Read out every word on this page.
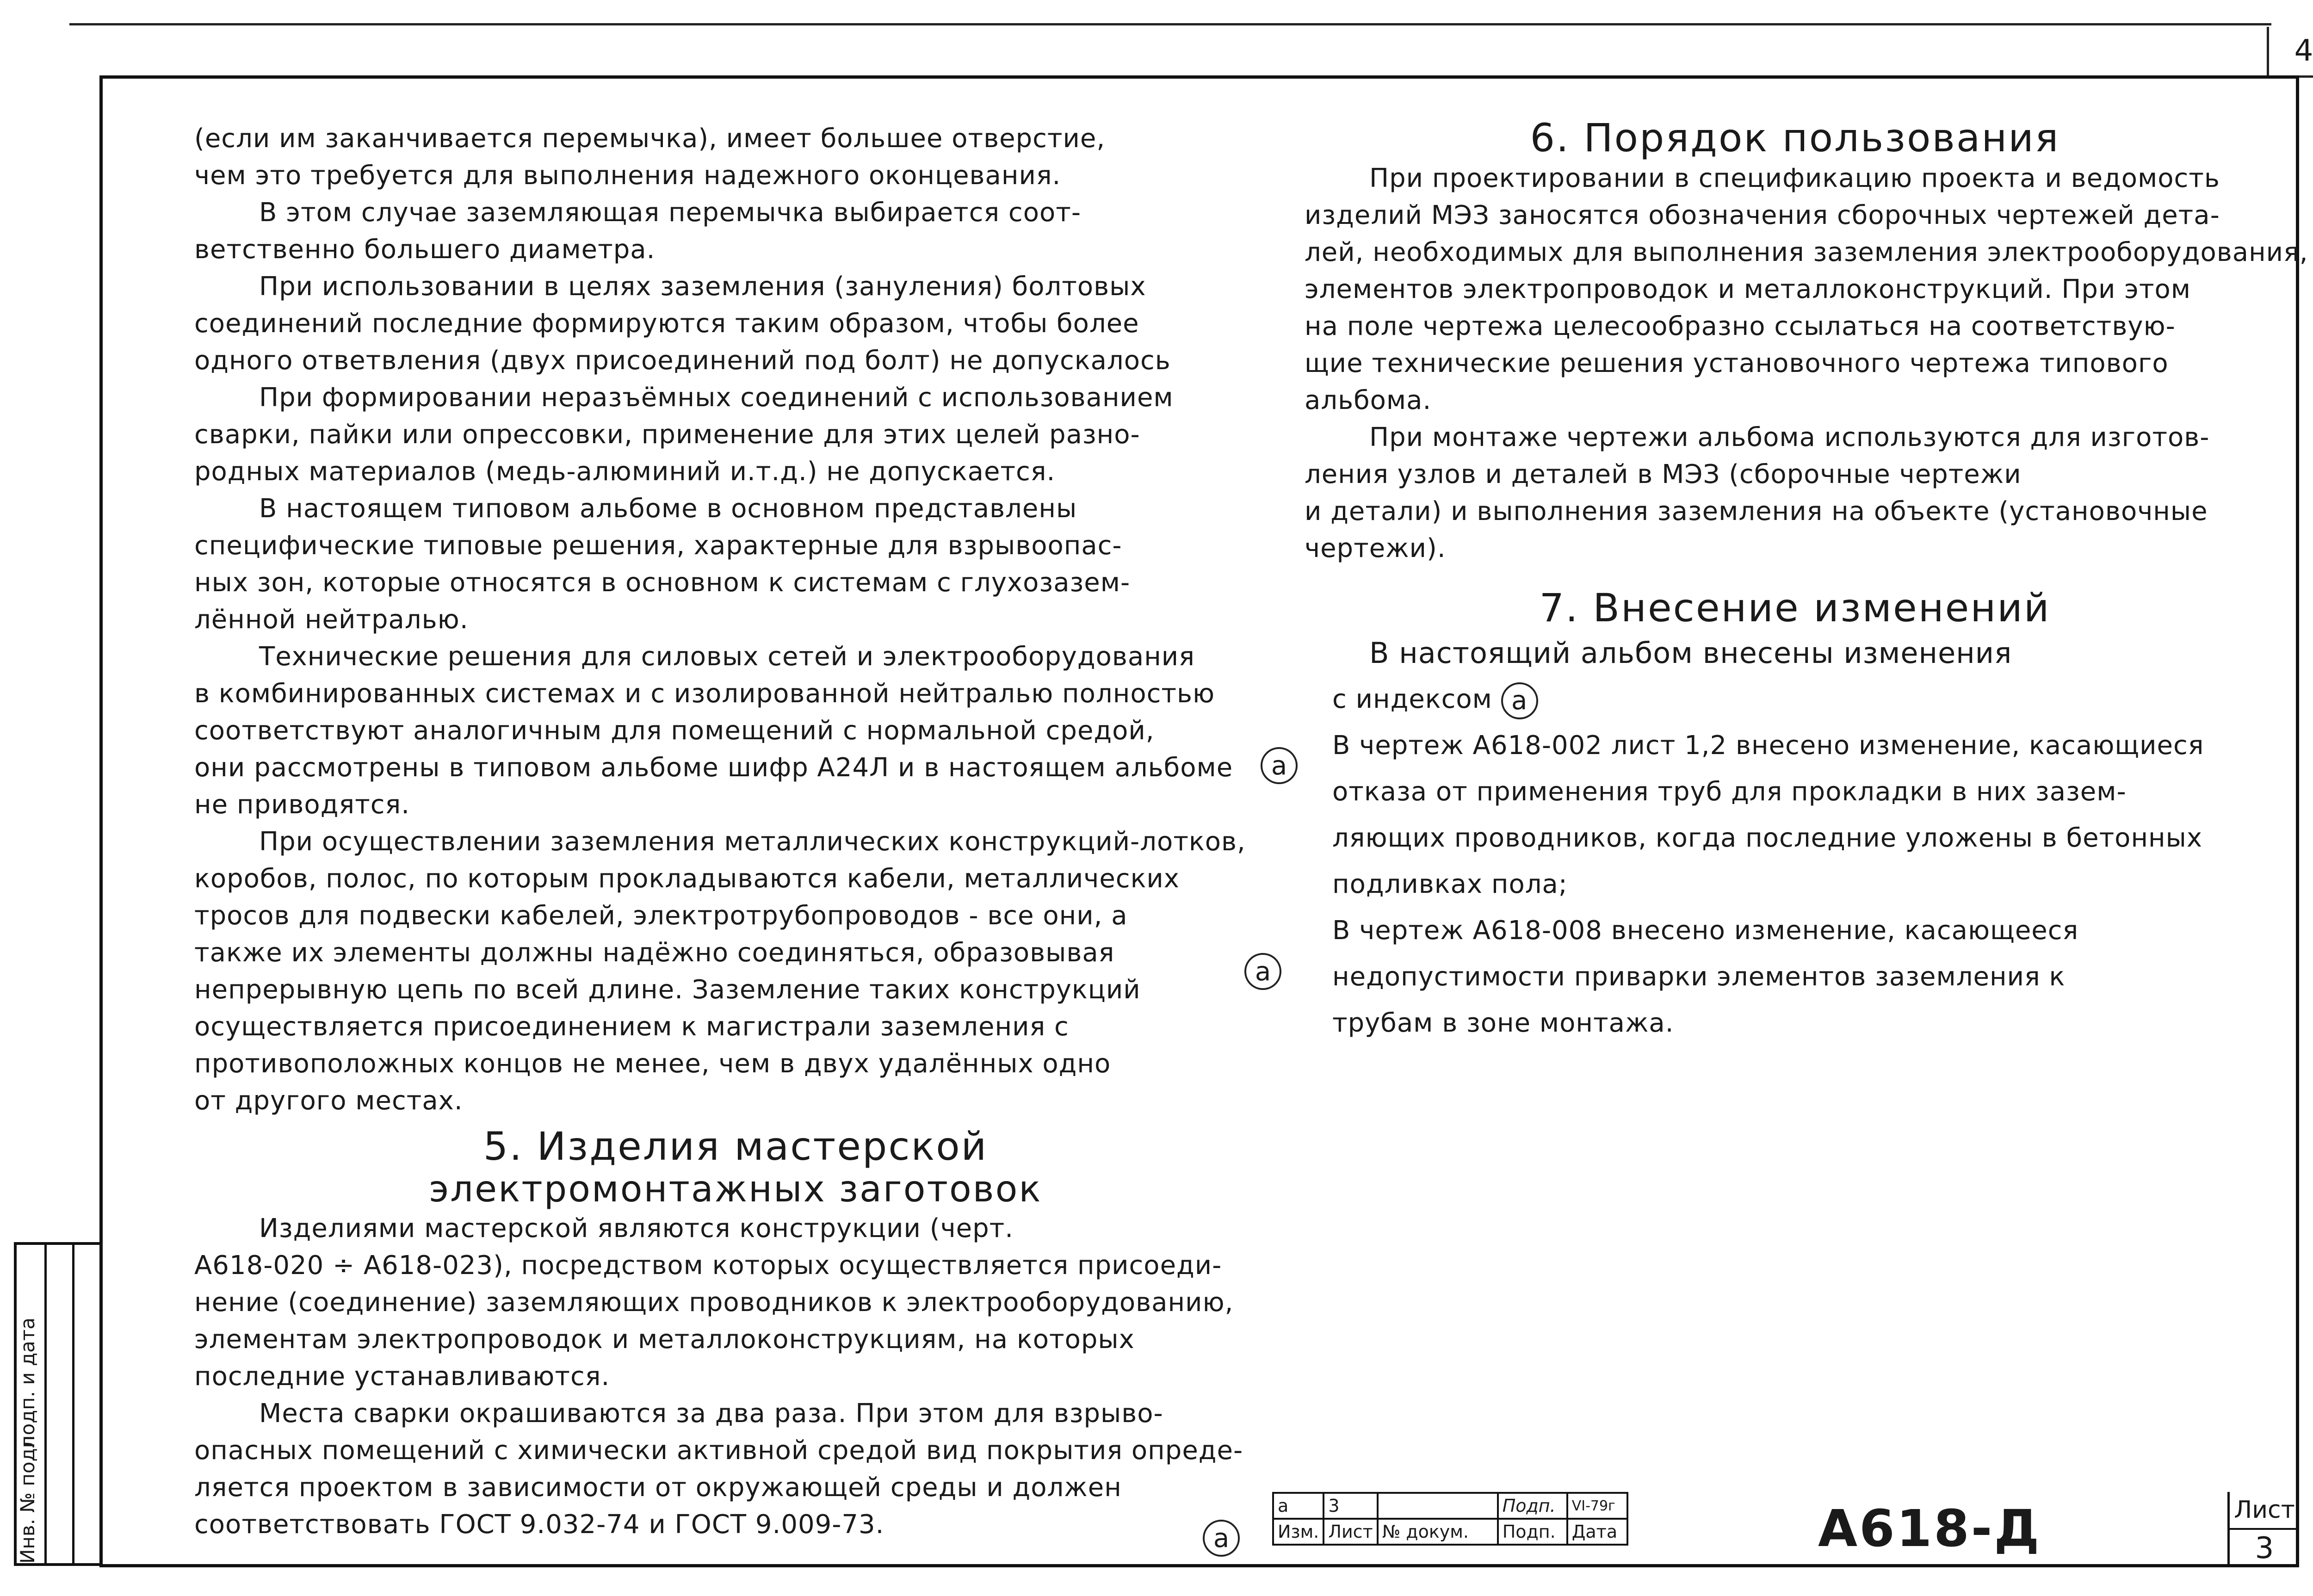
4
Инв. № подл
подп. и дата
(если им заканчивается перемычка), имеет большее отверстие,
чем это требуется для выполнения надежного оконцевания.
В этом случае заземляющая перемычка выбирается соот-
ветственно большего диаметра.
При использовании в целях заземления (зануления) болтовых
соединений последние формируются таким образом, чтобы более
одного ответвления (двух присоединений под болт) не допускалось
При формировании неразъёмных соединений с использованием
сварки, пайки или опрессовки, применение для этих целей разно-
родных материалов (медь-алюминий и.т.д.) не допускается.
В настоящем типовом альбоме в основном представлены
специфические типовые решения, характерные для взрывоопас-
ных зон, которые относятся в основном к системам с глухозазем-
лённой нейтралью.
Технические решения для силовых сетей и электрооборудования
в комбинированных системах и с изолированной нейтралью полностью
соответствуют аналогичным для помещений с нормальной средой,
они рассмотрены в типовом альбоме шифр А24Л и в настоящем альбоме
не приводятся.
При осуществлении заземления металлических конструкций-лотков,
коробов, полос, по которым прокладываются кабели, металлических
тросов для подвески кабелей, электротрубопроводов - все они, а
также их элементы должны надёжно соединяться, образовывая
непрерывную цепь по всей длине. Заземление таких конструкций
осуществляется присоединением к магистрали заземления с
противоположных концов не менее, чем в двух удалённых одно
от другого местах.
5. Изделия мастерской
электромонтажных заготовок
Изделиями мастерской являются конструкции (черт.
А618-020 ÷ А618-023), посредством которых осуществляется присоеди-
нение (соединение) заземляющих проводников к электрооборудованию,
элементам электропроводок и металлоконструкциям, на которых
последние устанавливаются.
Места сварки окрашиваются за два раза. При этом для взрыво-
опасных помещений с химически активной средой вид покрытия опреде-
ляется проектом в зависимости от окружающей среды и должен
соответствовать ГОСТ 9.032-74 и ГОСТ 9.009-73.
6. Порядок пользования
При проектировании в спецификацию проекта и ведомость
изделий МЭЗ заносятся обозначения сборочных чертежей дета-
лей, необходимых для выполнения заземления электрооборудования,
элементов электропроводок и металлоконструкций. При этом
на поле чертежа целесообразно ссылаться на соответствую-
щие технические решения установочного чертежа типового
альбома.
При монтаже чертежи альбома используются для изготов-
ления узлов и деталей в МЭЗ (сборочные чертежи
и детали) и выполнения заземления на объекте (установочные
чертежи).
7. Внесение изменений
В настоящий альбом внесены изменения
с индексом а
В чертеж А618-002 лист 1,2 внесено изменение, касающиеся
отказа от применения труб для прокладки в них зазем-
ляющих проводников, когда последние уложены в бетонных
подливках пола;
В чертеж А618-008 внесено изменение, касающееся
недопустимости приварки элементов заземления к
трубам в зоне монтажа.
а
а
а
а	3		Подп.	VI-79г
Изм.	Лист	№ докум.	Подп.	Дата	А618-Д	Лист
3
